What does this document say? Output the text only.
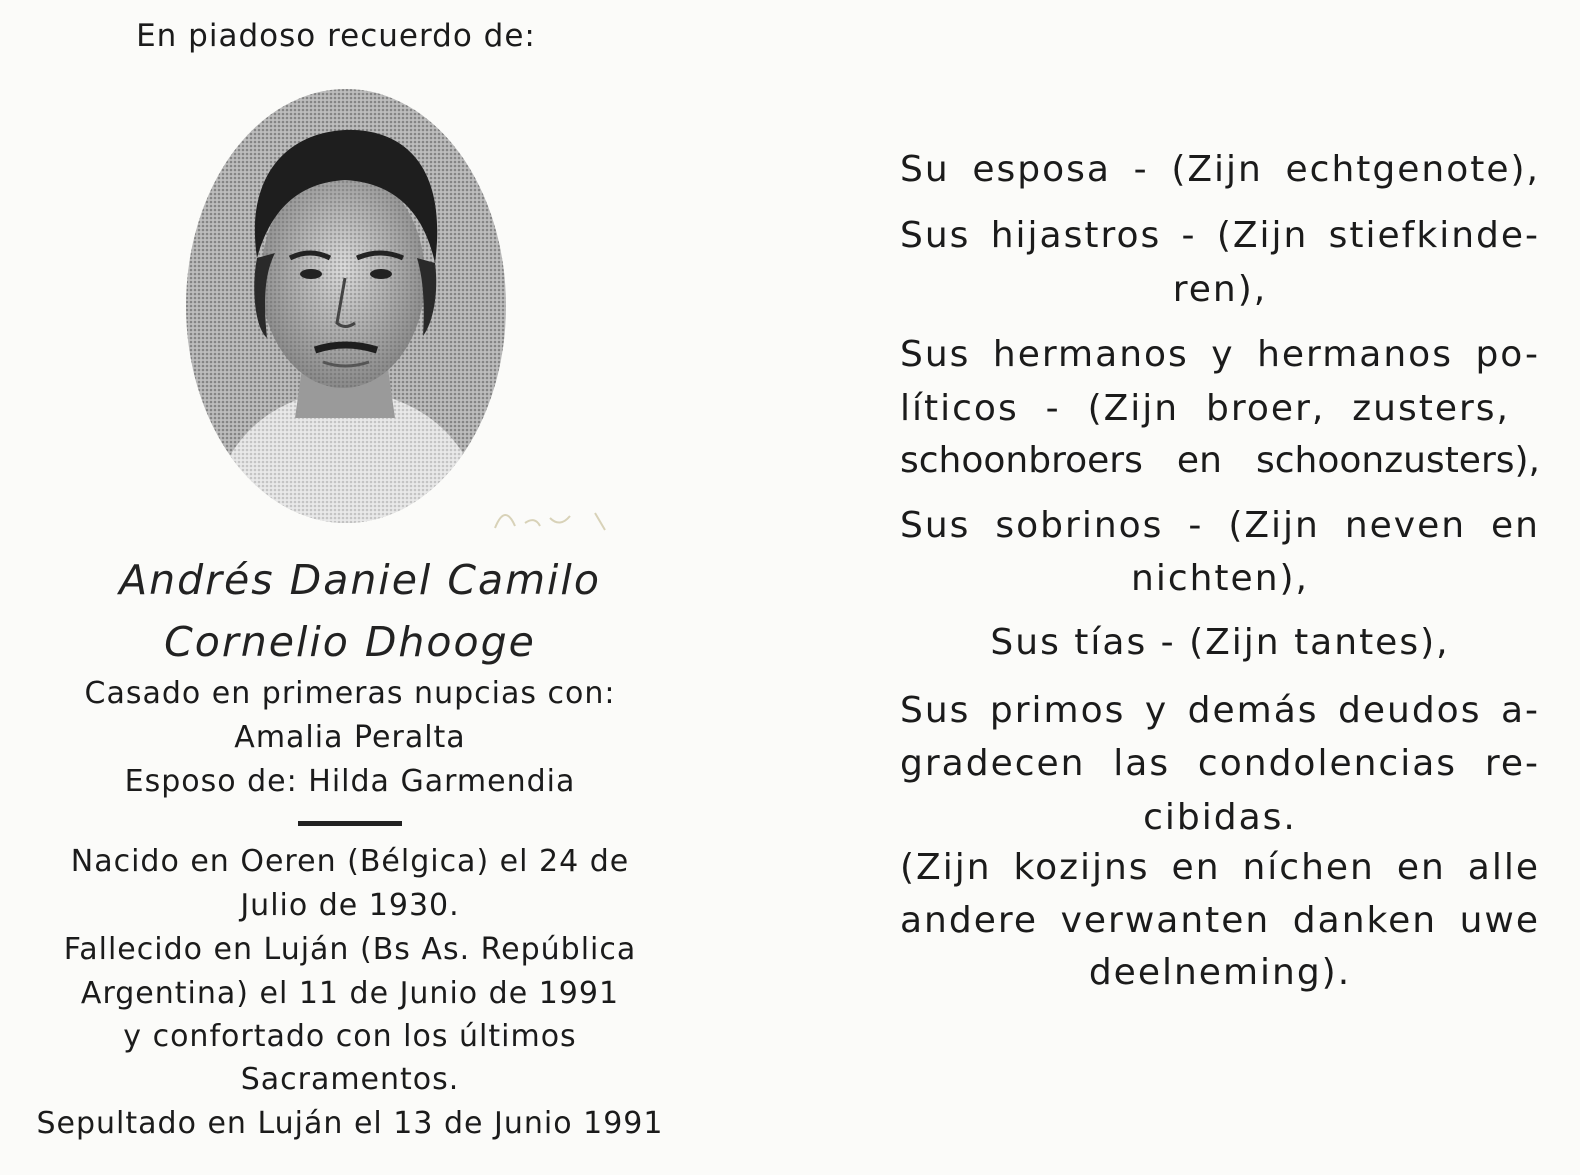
En piadoso recuerdo de:
Andrés Daniel Camilo
Cornelio Dhooge
Casado en primeras nupcias con:
Amalia Peralta
Esposo de: Hilda Garmendia
Nacido en Oeren (Bélgica) el 24 de
Julio de 1930.
Fallecido en Luján (Bs As. República
Argentina) el 11 de Junio de 1991
y confortado con los últimos
Sacramentos.
Sepultado en Luján el 13 de Junio 1991
Su esposa - (Zijn echtgenote),
Sus hijastros - (Zijn stiefkinde-
ren),
Sus hermanos y hermanos po-
líticos - (Zijn broer, zusters,
schoonbroers en schoonzusters),
Sus sobrinos - (Zijn neven en
nichten),
Sus tías - (Zijn tantes),
Sus primos y demás deudos a-
gradecen las condolencias re-
cibidas.
(Zijn kozijns en níchen en alle
andere verwanten danken uwe
deelneming).
